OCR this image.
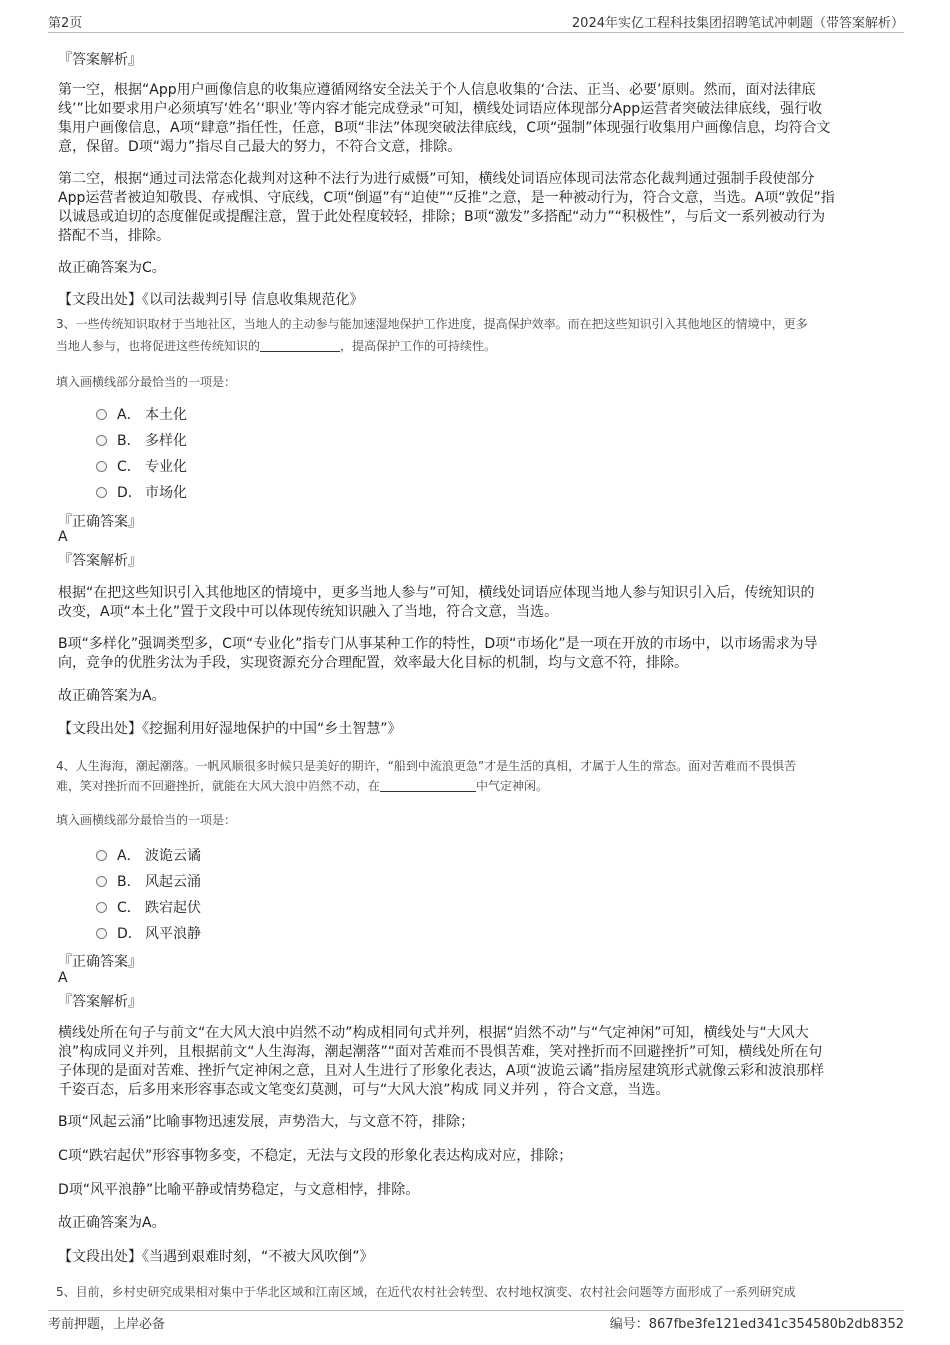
第2页	2024年实亿工程科技集团招聘笔试冲刺题（带答案解析）
『答案解析』
第一空，根据“App用户画像信息的收集应遵循网络安全法关于个人信息收集的‘合法、正当、必要’原则。然而，面对法律底
线’”比如要求用户必须填写‘姓名’‘职业’等内容才能完成登录”可知，横线处词语应体现部分App运营者突破法律底线，强行收
集用户画像信息，A项“肆意”指任性，任意，B项“非法”体现突破法律底线，C项“强制”体现强行收集用户画像信息，均符合文
意，保留。D项“竭力”指尽自己最大的努力，不符合文意，排除。
第二空，根据“通过司法常态化裁判对这种不法行为进行威慑”可知，横线处词语应体现司法常态化裁判通过强制手段使部分
App运营者被迫知敬畏、存戒惧、守底线，C项“倒逼”有“迫使”“反推”之意，是一种被动行为，符合文意，当选。A项“敦促”指
以诚恳或迫切的态度催促或提醒注意，置于此处程度较轻，排除；B项“激发”多搭配“动力”“积极性”，与后文一系列被动行为
搭配不当，排除。
故正确答案为C。
【文段出处】《以司法裁判引导 信息收集规范化》
3、一些传统知识取材于当地社区，当地人的主动参与能加速湿地保护工作进度，提高保护效率。而在把这些知识引入其他地区的情境中，更多
当地人参与，也将促进这些传统知识的	，提高保护工作的可持续性。
填入画横线部分最恰当的一项是：
A． 本土化
B． 多样化
C． 专业化
D． 市场化
『正确答案』
A
『答案解析』
根据“在把这些知识引入其他地区的情境中，更多当地人参与”可知，横线处词语应体现当地人参与知识引入后，传统知识的
改变，A项“本土化”置于文段中可以体现传统知识融入了当地，符合文意，当选。
B项“多样化”强调类型多，C项“专业化”指专门从事某种工作的特性，D项“市场化”是一项在开放的市场中，以市场需求为导
向，竞争的优胜劣汰为手段，实现资源充分合理配置，效率最大化目标的机制，均与文意不符，排除。
故正确答案为A。
【文段出处】《挖掘利用好湿地保护的中国“乡土智慧”》
4、人生海海，潮起潮落。一帆风顺很多时候只是美好的期许，“船到中流浪更急”才是生活的真相，才属于人生的常态。面对苦难而不畏惧苦
难，笑对挫折而不回避挫折，就能在大风大浪中岿然不动，在	中气定神闲。
填入画横线部分最恰当的一项是：
A． 波诡云谲
B． 风起云涌
C． 跌宕起伏
D． 风平浪静
『正确答案』
A
『答案解析』
横线处所在句子与前文“在大风大浪中岿然不动”构成相同句式并列，根据“岿然不动”与“气定神闲”可知，横线处与“大风大
浪”构成同义并列，且根据前文“人生海海，潮起潮落”“面对苦难而不畏惧苦难，笑对挫折而不回避挫折”可知，横线处所在句
子体现的是面对苦难、挫折气定神闲之意，且对人生进行了形象化表达，A项“波诡云谲”指房屋建筑形式就像云彩和波浪那样
千姿百态，后多用来形容事态或文笔变幻莫测，可与“大风大浪”构成 同义并列 ，符合文意，当选。
B项“风起云涌”比喻事物迅速发展，声势浩大，与文意不符，排除；
C项“跌宕起伏”形容事物多变，不稳定，无法与文段的形象化表达构成对应，排除；
D项“风平浪静”比喻平静或情势稳定，与文意相悖，排除。
故正确答案为A。
【文段出处】《当遇到艰难时刻，“不被大风吹倒”》
5、目前，乡村史研究成果相对集中于华北区域和江南区域，在近代农村社会转型、农村地权演变、农村社会问题等方面形成了一系列研究成
考前押题，上岸必备	编号：867fbe3fe121ed341c354580b2db8352
